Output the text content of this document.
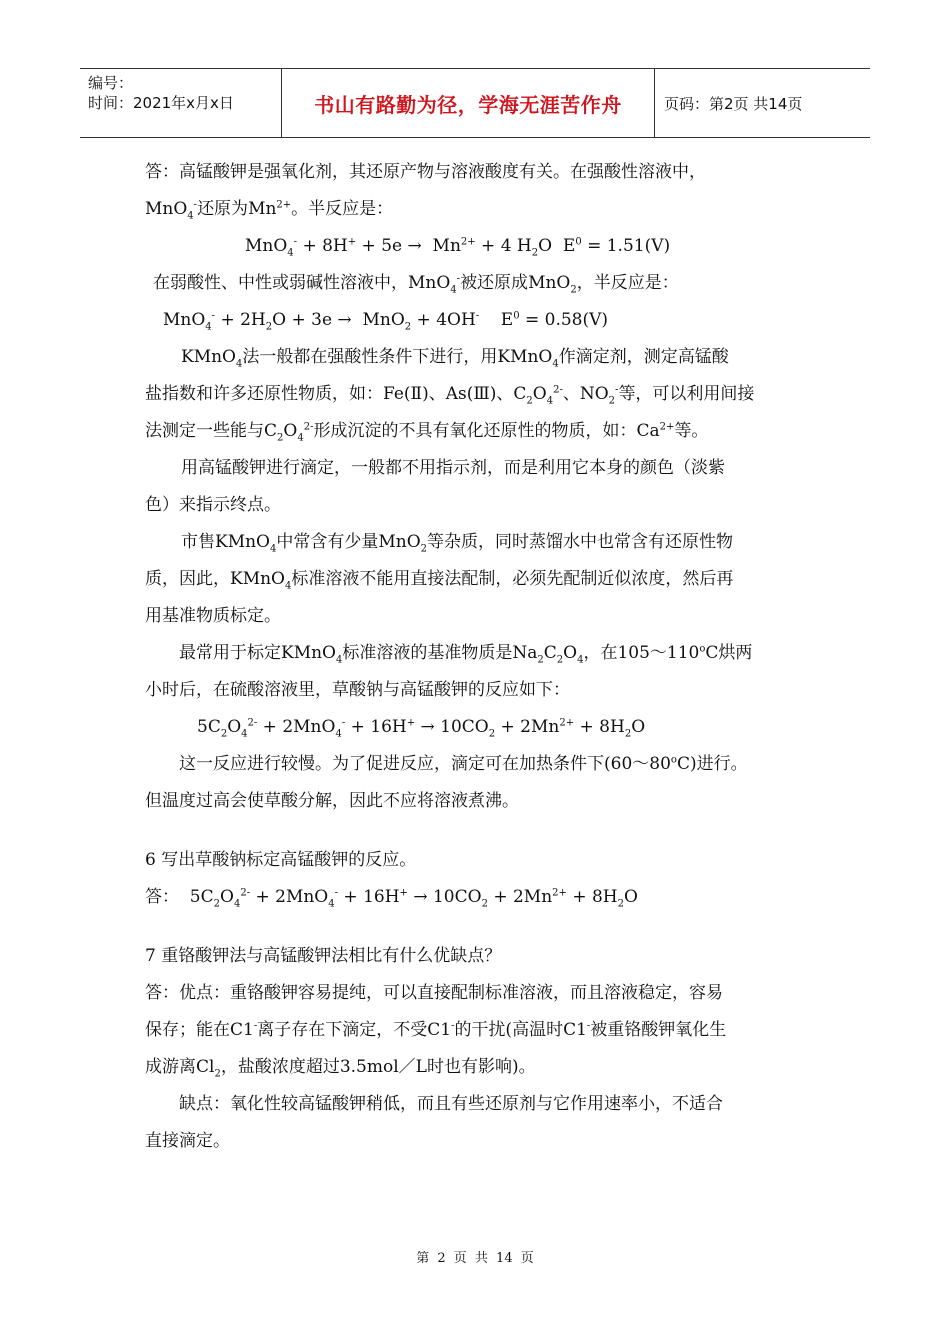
编号：
时间：2021年x月x日	书山有路勤为径，学海无涯苦作舟	页码：第2页 共14页
答：高锰酸钾是强氧化剂，其还原产物与溶液酸度有关。在强酸性溶液中，
MnO$_4$-还原为$Mn^{2+}$。半反应是：
$MnO_4^- + 8H^+ + 5e \to Mn^{2+} + 4$ $H_2O$  $E^0 = 1.51(V)$
在弱酸性、中性或弱碱性溶液中，MnO$_4$-被还原成MnO$_2$，半反应是：
$MnO_4^- + 2H_2O + 3e \to MnO_2 + 4OH^-$    $E^0 = 0.58(V)$
KMnO$_4$法一般都在强酸性条件下进行，用KMnO$_4$作滴定剂，测定高锰酸
盐指数和许多还原性物质，如：Fe(Ⅱ)、As(Ⅲ)、$C_2O_4^{2-}$、$NO_2^-$等，可以利用间接
法测定一些能与$C_2O_4^{2-}$形成沉淀的不具有氧化还原性的物质，如：$Ca^{2+}$等。
用高锰酸钾进行滴定，一般都不用指示剂，而是利用它本身的颜色（淡紫
色）来指示终点。
市售KMnO$_4$中常含有少量MnO$_2$等杂质，同时蒸馏水中也常含有还原性物
质，因此，KMnO$_4$标准溶液不能用直接法配制，必须先配制近似浓度，然后再
用基准物质标定。
最常用于标定KMnO$_4$标准溶液的基准物质是$Na_2C_2O_4$，在105～110$^o$C烘两
小时后，在硫酸溶液里，草酸钠与高锰酸钾的反应如下：
$5C_2O_4^{2-} + 2MnO_4^- + 16H^+ \to 10CO_2 + 2Mn^{2+} + 8H_2O$
这一反应进行较慢。为了促进反应，滴定可在加热条件下(60～80$^o$C)进行。
但温度过高会使草酸分解，因此不应将溶液煮沸。
6 写出草酸钠标定高锰酸钾的反应。
答：  $5C_2O_4^{2-} + 2MnO_4^- + 16H^+ \to 10CO_2 + 2Mn^{2+} + 8H_2O$
7 重铬酸钾法与高锰酸钾法相比有什么优缺点？
答：优点：重铬酸钾容易提纯，可以直接配制标准溶液，而且溶液稳定，容易
保存；能在C1-离子存在下滴定，不受C1-的干扰(高温时C1-被重铬酸钾氧化生
成游离$Cl_2$，盐酸浓度超过3.5mol／L时也有影响)。
缺点：氧化性较高锰酸钾稍低，而且有些还原剂与它作用速率小，不适合
直接滴定。
第 2 页 共 14 页
